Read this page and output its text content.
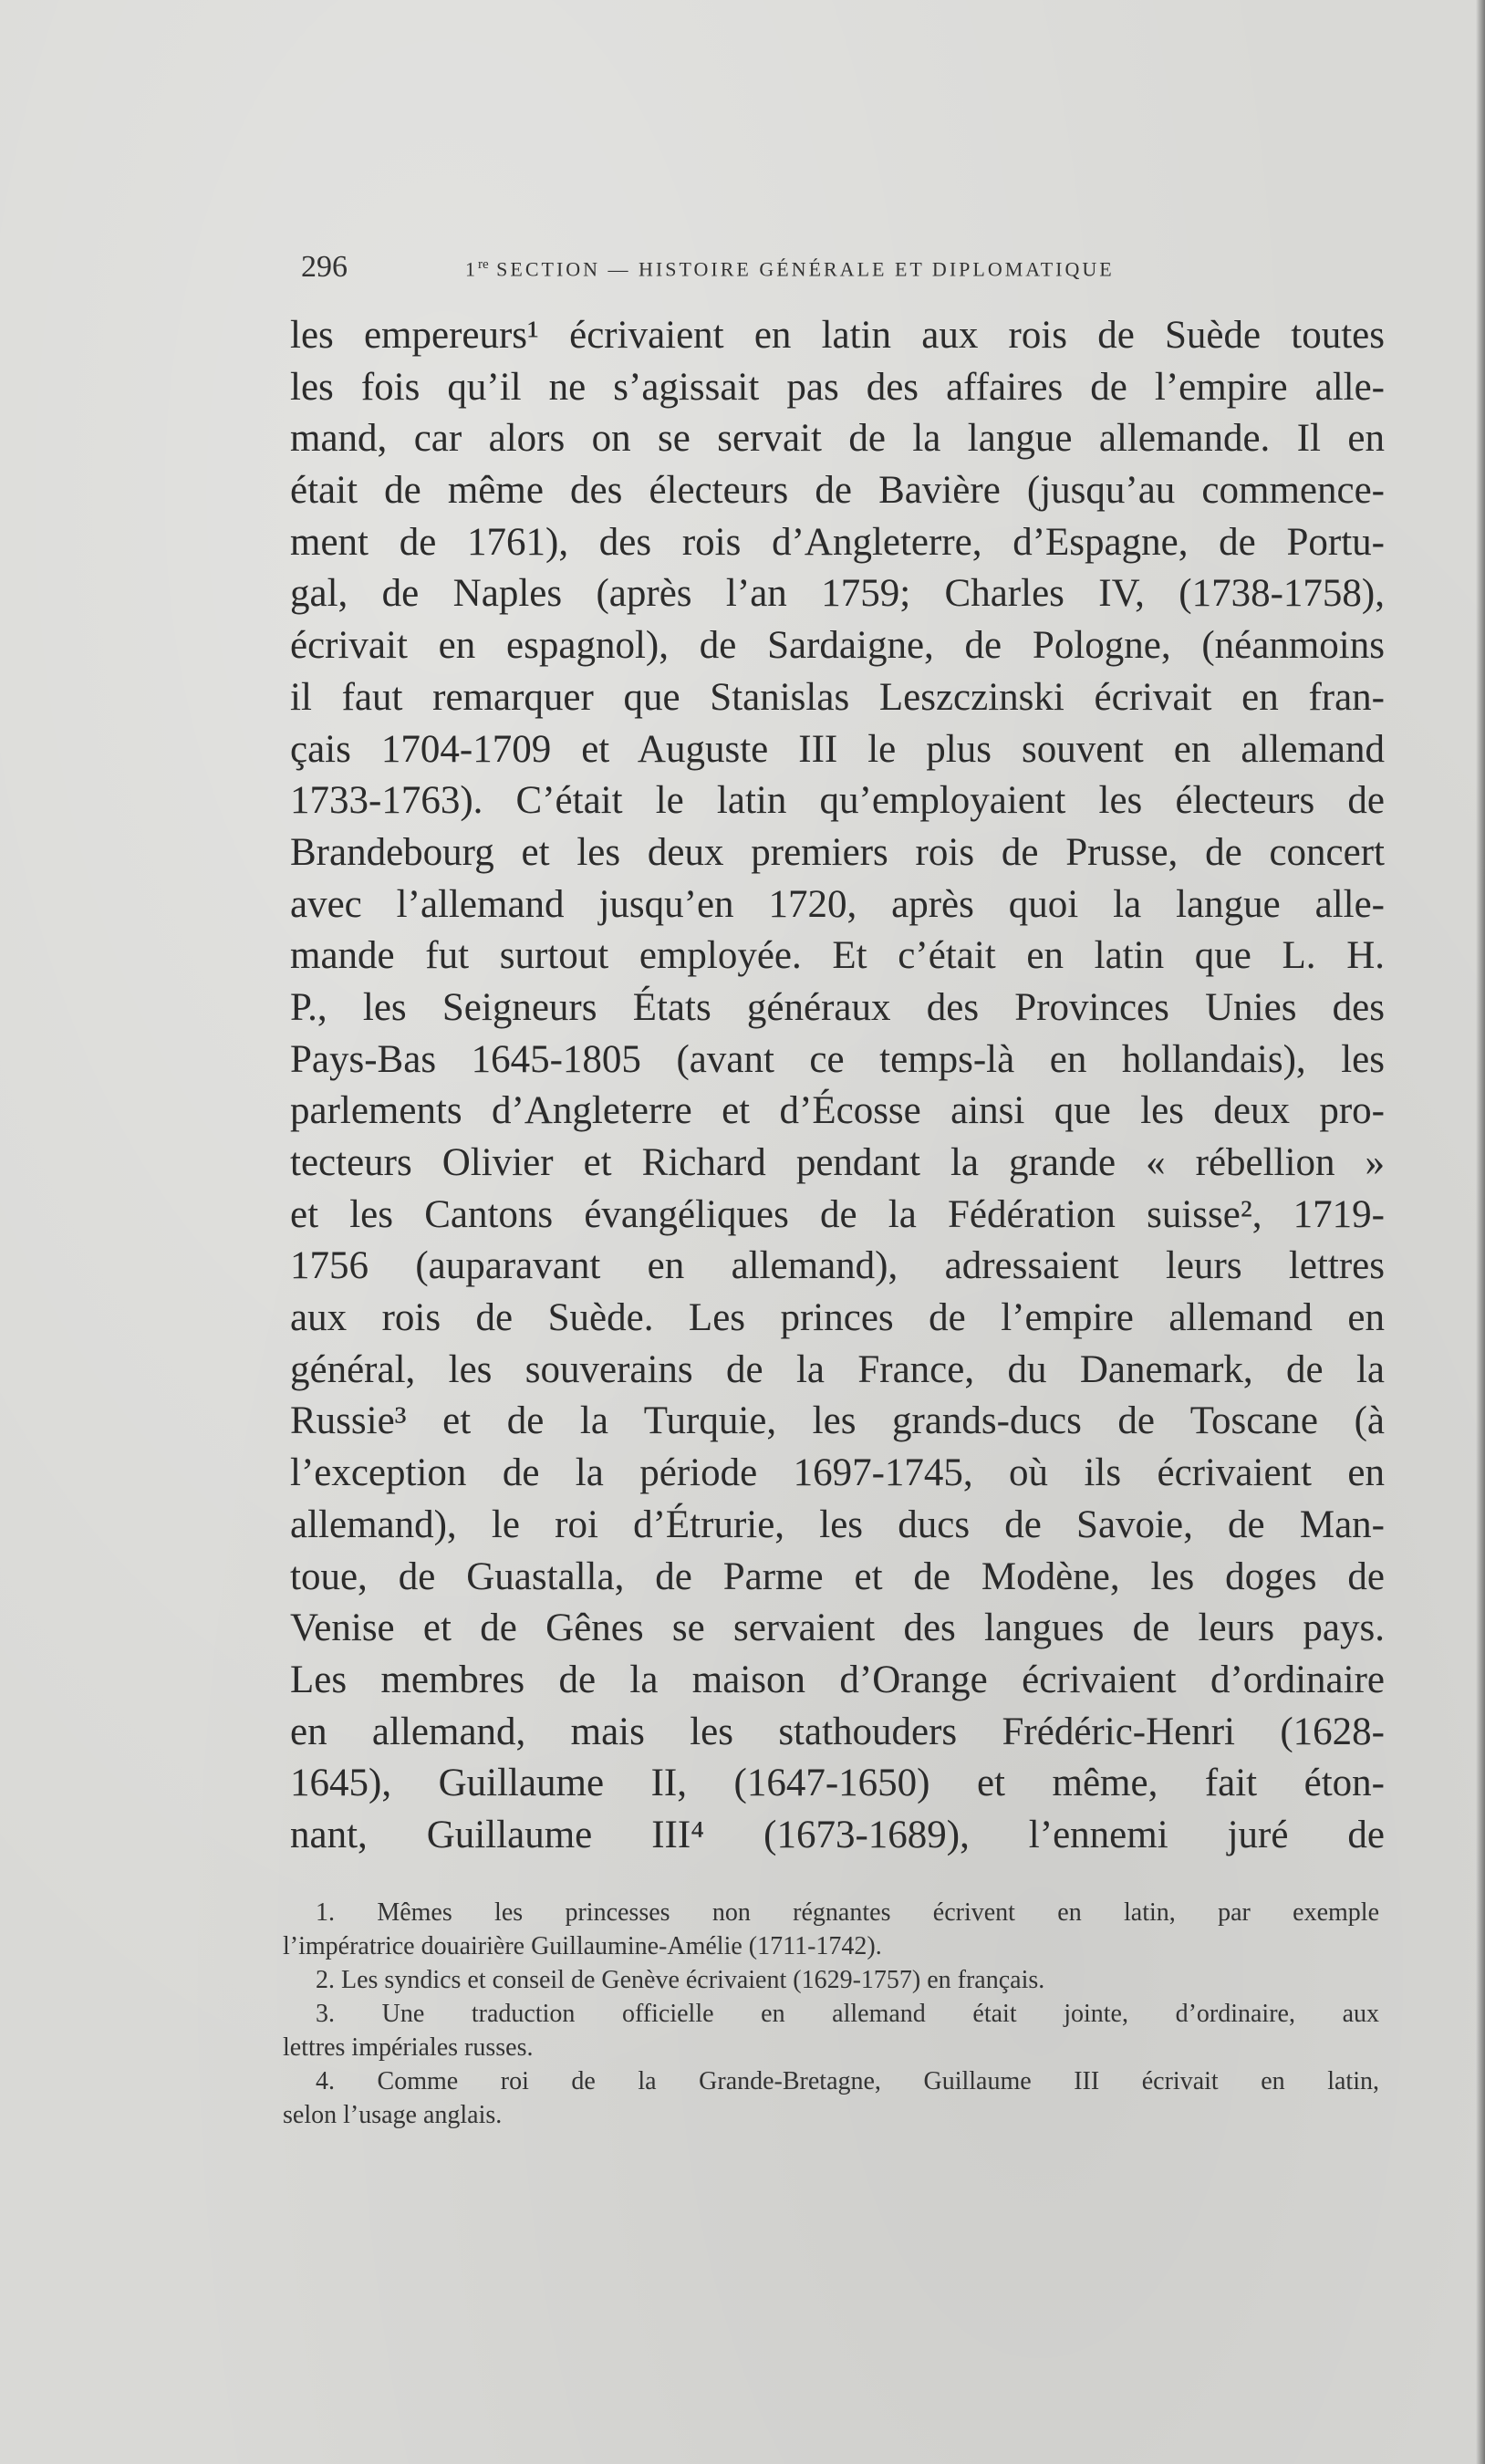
296	1re SECTION — HISTOIRE GÉNÉRALE ET DIPLOMATIQUE
les empereurs¹ écrivaient en latin aux rois de Suède toutes
les fois qu’il ne s’agissait pas des affaires de l’empire alle-
mand, car alors on se servait de la langue allemande. Il en
était de même des électeurs de Bavière (jusqu’au commence-
ment de 1761), des rois d’Angleterre, d’Espagne, de Portu-
gal, de Naples (après l’an 1759; Charles IV, (1738-1758),
écrivait en espagnol), de Sardaigne, de Pologne, (néanmoins
il faut remarquer que Stanislas Leszczinski écrivait en fran-
çais 1704-1709 et Auguste III le plus souvent en allemand
1733-1763). C’était le latin qu’employaient les électeurs de
Brandebourg et les deux premiers rois de Prusse, de concert
avec l’allemand jusqu’en 1720, après quoi la langue alle-
mande fut surtout employée. Et c’était en latin que L. H.
P., les Seigneurs États généraux des Provinces Unies des
Pays-Bas 1645-1805 (avant ce temps-là en hollandais), les
parlements d’Angleterre et d’Écosse ainsi que les deux pro-
tecteurs Olivier et Richard pendant la grande « rébellion »
et les Cantons évangéliques de la Fédération suisse², 1719-
1756 (auparavant en allemand), adressaient leurs lettres
aux rois de Suède. Les princes de l’empire allemand en
général, les souverains de la France, du Danemark, de la
Russie³ et de la Turquie, les grands-ducs de Toscane (à
l’exception de la période 1697-1745, où ils écrivaient en
allemand), le roi d’Étrurie, les ducs de Savoie, de Man-
toue, de Guastalla, de Parme et de Modène, les doges de
Venise et de Gênes se servaient des langues de leurs pays.
Les membres de la maison d’Orange écrivaient d’ordinaire
en allemand, mais les stathouders Frédéric-Henri (1628-
1645), Guillaume II, (1647-1650) et même, fait éton-
nant, Guillaume III⁴ (1673-1689), l’ennemi juré de
1. Mêmes les princesses non régnantes écrivent en latin, par exemple
l’impératrice douairière Guillaumine-Amélie (1711-1742).
2. Les syndics et conseil de Genève écrivaient (1629-1757) en français.
3. Une traduction officielle en allemand était jointe, d’ordinaire, aux
lettres impériales russes.
4. Comme roi de la Grande-Bretagne, Guillaume III écrivait en latin,
selon l’usage anglais.
